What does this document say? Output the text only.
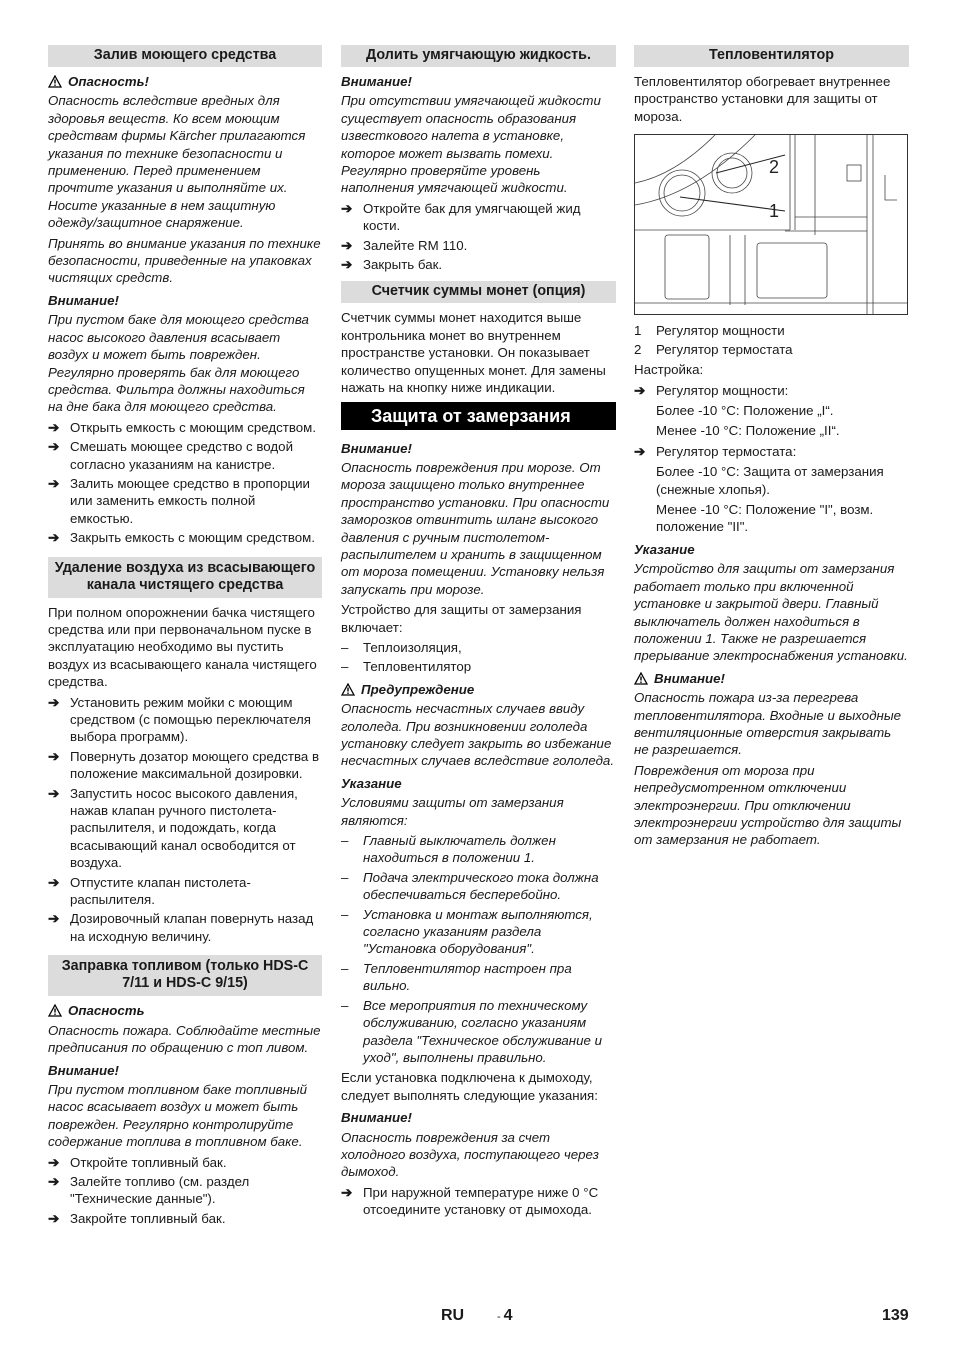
Залив моющего средства
Опасность!

Опасность вследствие вредных для здоровья веществ. Ко всем моющим средствам фирмы Kärcher прилагаются указания по технике безопасности и применению. Перед применением прочтите указания и выполняйте их. Носите указанные в нем защитную одежду/защитное снаряжение.

Принять во внимание указания по технике безопасности, приведенные на упаковках чистящих средств.

Внимание!

При пустом баке для моющего средства насос высокого давления всасывает воздух и может быть поврежден. Регулярно проверять бак для моющего средства. Фильтра должны находиться на дне бака для моющего средства.

➔ Открыть емкость с моющим средством.
➔ Смешать моющее средство с водой согласно указаниям на канистре.
➔ Залить моющее средство в пропорции или заменить емкость полной емкостью.
➔ Закрыть емкость с моющим средством.
Удаление воздуха из всасывающего канала чистящего средства

При полном опорожнении бачка чистящего средства или при первоначальном пуске в эксплуатацию необходимо вы пустить воздух из всасывающего канала чистящего средства.

➔ Установить режим мойки с моющим средством (с помощью переключателя выбора программ).
➔ Повернуть дозатор моющего средства в положение максимальной дозировки.
➔ Запустить носос высокого давления, нажав клапан ручного пистолета-распылителя, и подождать, когда всасывающий канал освободится от воздуха.
➔ Отпустите клапан пистолета-распылителя.
➔ Дозировочный клапан повернуть назад на исходную величину.
Заправка топливом (только HDS-C 7/11 и HDS-C 9/15)
Опасность

Опасность пожара. Соблюдайте местные предписания по обращению с топ ливом.

Внимание!

При пустом топливном баке топливный насос всасывает воздух и может быть поврежден. Регулярно контролируйте содержание топлива в топливном баке.

➔ Откройте топливный бак.
➔ Залейте топливо (см. раздел "Технические данные").
➔ Закройте топливный бак.
Долить умягчающую жидкость.
Внимание!

При отсутствии умягчающей жидкости существует опасность образования известкового налета в установке, которое может вызвать помехи. Регулярно проверяйте уровень наполнения умягчающей жидкости.

➔ Откройте бак для умягчающей жид кости.
➔ Залейте RM 110.
➔ Закрыть бак.
Счетчик суммы монет (опция)

Счетчик суммы монет находится выше контрольника монет во внутреннем пространстве установки. Он показывает количество опущенных монет. Для замены нажать на кнопку ниже индикации.

Защита от замерзания
Внимание!

Опасность повреждения при морозе. От мороза защищено только внутреннее пространство установки. При опасности заморозков отвинтить шланг высокого давления с ручным пистолетом-распылителем и хранить в защищенном от мороза помещении. Установку нельзя запускать при морозе.

Устройство для защиты от замерзания включает:

– Теплоизоляция,
– Тепловентилятор
Предупреждение

Опасность несчастных случаев ввиду гололеда. При возникновении гололеда установку следует закрыть во избежание несчастных случаев вследствие гололеда.

Указание

Условиями защиты от замерзания являются:

– Главный выключатель должен находиться в положении 1.
– Подача электрического тока должна обеспечиваться бесперебойно.
– Установка и монтаж выполняются, согласно указаниям раздела "Установка оборудования".
– Тепловентилятор настроен пра вильно.
– Все мероприятия по техническому обслуживанию, согласно указаниям раздела "Техническое обслуживание и уход", выполнены правильно.

Если установка подключена к дымоходу, следует выполнять следующие указания:

Внимание!

Опасность повреждения за счет холодного воздуха, поступающего через дымоход.

➔ При наружной температуре ниже 0 °C отсоедините установку от дымохода.
Тепловентилятор

Тепловентилятор обогревает внутреннее пространство установки для защиты от мороза.

2
1
1 Регулятор мощности
2 Регулятор термостата

Настройка:

➔ Регулятор мощности:
Более -10 °C: Положение „I“.
Менее -10 °C: Положение „II“.
➔ Регулятор термостата:
Более -10 °C: Защита от замерзания (снежные хлопья).
Менее -10 °C: Положение "I", возм. положение "II".
Указание

Устройство для защиты от замерзания работает только при включенной установке и закрытой двери. Главный выключатель должен находиться в положении 1. Также не разрешается прерывание электроснабжения установки.

Внимание!

Опасность пожара из-за перегрева тепловентилятора. Входные и выходные вентиляционные отверстия закрывать не разрешается.

Повреждения от мороза при непредусмотренном отключении электроэнергии. При отключении электроэнергии устройство для защиты от замерзания не работает.

RU	- 4	139
